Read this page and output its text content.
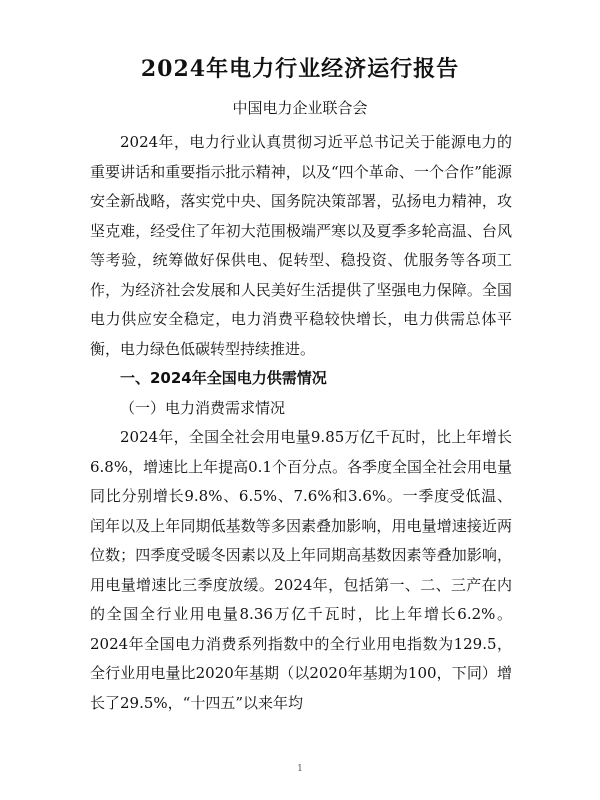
2024年电力行业经济运行报告
中国电力企业联合会

2024年，电力行业认真贯彻习近平总书记关于能源电力的重要讲话和重要指示批示精神，以及“四个革命、一个合作”能源安全新战略，落实党中央、国务院决策部署，弘扬电力精神，攻坚克难，经受住了年初大范围极端严寒以及夏季多轮高温、台风等考验，统筹做好保供电、促转型、稳投资、优服务等各项工作，为经济社会发展和人民美好生活提供了坚强电力保障。全国电力供应安全稳定，电力消费平稳较快增长，电力供需总体平衡，电力绿色低碳转型持续推进。

一、2024年全国电力供需情况
（一）电力消费需求情况

2024年，全国全社会用电量9.85万亿千瓦时，比上年增长6.8%，增速比上年提高0.1个百分点。各季度全国全社会用电量同比分别增长9.8%、6.5%、7.6%和3.6%。一季度受低温、闰年以及上年同期低基数等多因素叠加影响，用电量增速接近两位数；四季度受暖冬因素以及上年同期高基数因素等叠加影响，用电量增速比三季度放缓。2024年，包括第一、二、三产在内的全国全行业用电量8.36万亿千瓦时，比上年增长6.2%。2024年全国电力消费系列指数中的全行业用电指数为129.5，全行业用电量比2020年基期（以2020年基期为100，下同）增长了29.5%，“十四五”以来年均

1
